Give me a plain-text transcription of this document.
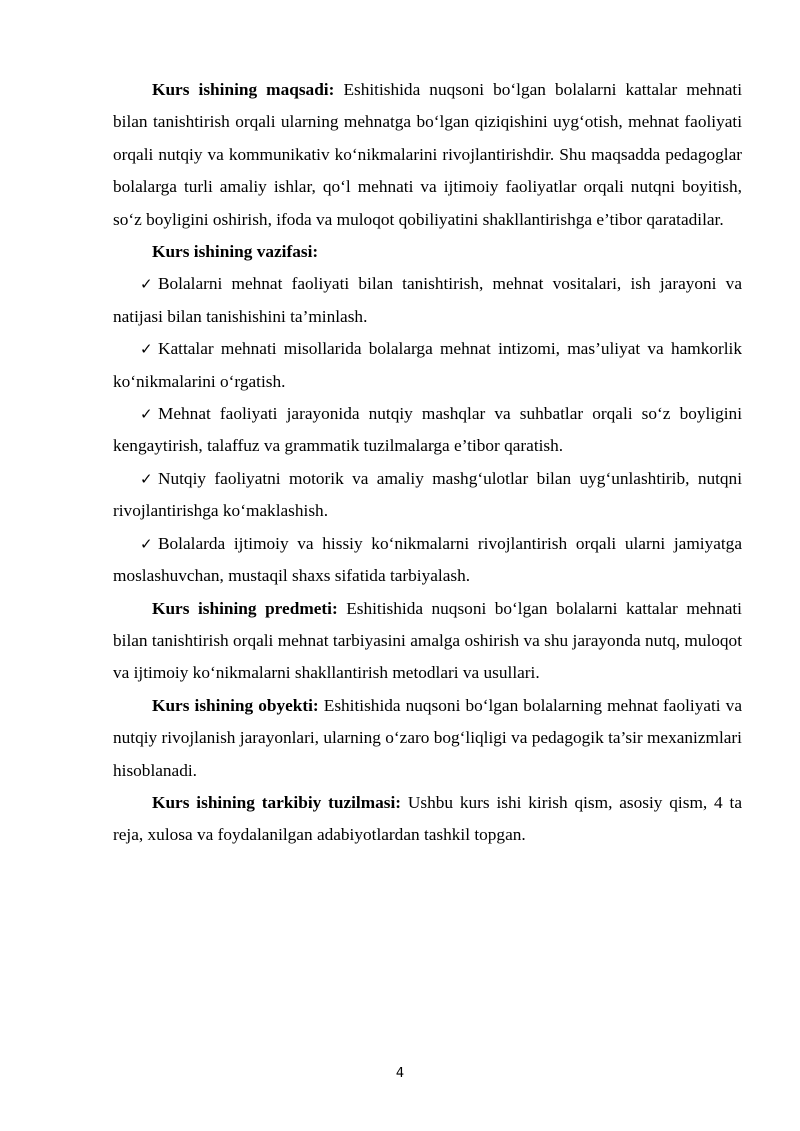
Kurs ishining maqsadi: Eshitishida nuqsoni bo‘lgan bolalarni kattalar mehnati bilan tanishtirish orqali ularning mehnatga bo‘lgan qiziqishini uyg‘otish, mehnat faoliyati orqali nutqiy va kommunikativ ko‘nikmalarini rivojlantirishdir. Shu maqsadda pedagoglar bolalarga turli amaliy ishlar, qo‘l mehnati va ijtimoiy faoliyatlar orqali nutqni boyitish, so‘z boyligini oshirish, ifoda va muloqot qobiliyatini shakllantirishga e’tibor qaratadilar.

Kurs ishining vazifasi:

✓ Bolalarni mehnat faoliyati bilan tanishtirish, mehnat vositalari, ish jarayoni va natijasi bilan tanishishini ta’minlash.

✓ Kattalar mehnati misollarida bolalarga mehnat intizomi, mas’uliyat va hamkorlik ko‘nikmalarini o‘rgatish.

✓ Mehnat faoliyati jarayonida nutqiy mashqlar va suhbatlar orqali so‘z boyligini kengaytirish, talaffuz va grammatik tuzilmalarga e’tibor qaratish.

✓ Nutqiy faoliyatni motorik va amaliy mashg‘ulotlar bilan uyg‘unlashtirib, nutqni rivojlantirishga ko‘maklashish.

✓ Bolalarda ijtimoiy va hissiy ko‘nikmalarni rivojlantirish orqali ularni jamiyatga moslashuvchan, mustaqil shaxs sifatida tarbiyalash.

Kurs ishining predmeti: Eshitishida nuqsoni bo‘lgan bolalarni kattalar mehnati bilan tanishtirish orqali mehnat tarbiyasini amalga oshirish va shu jarayonda nutq, muloqot va ijtimoiy ko‘nikmalarni shakllantirish metodlari va usullari.

Kurs ishining obyekti: Eshitishida nuqsoni bo‘lgan bolalarning mehnat faoliyati va nutqiy rivojlanish jarayonlari, ularning o‘zaro bog‘liqligi va pedagogik ta’sir mexanizmlari hisoblanadi.

Kurs ishining tarkibiy tuzilmasi: Ushbu kurs ishi kirish qism, asosiy qism, 4 ta reja, xulosa va foydalanilgan adabiyotlardan tashkil topgan.

4
